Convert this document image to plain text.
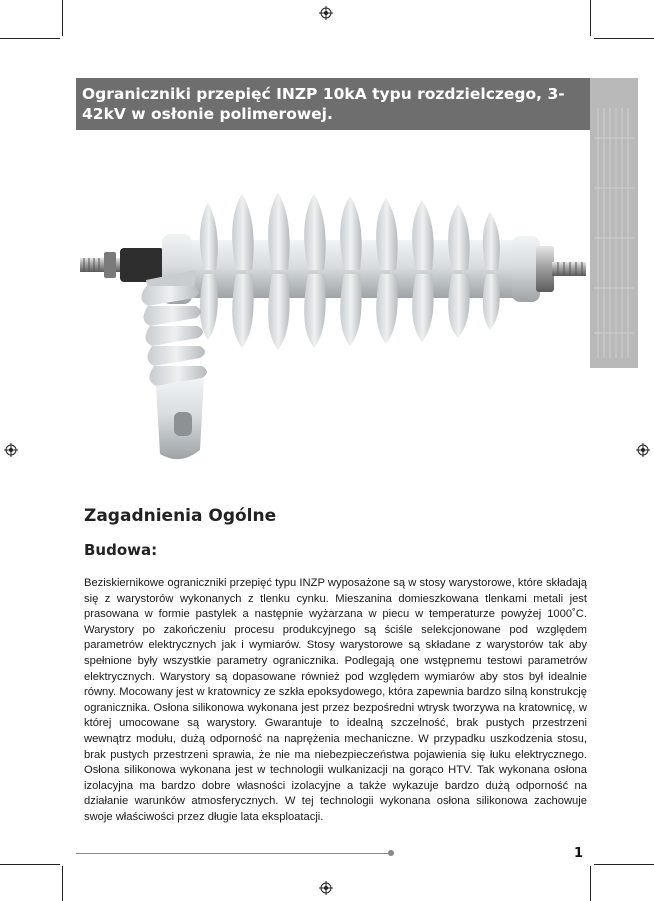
Ograniczniki przepięć INZP 10kA typu rozdzielczego, 3-42kV w osłonie polimerowej.
Zagadnienia Ogólne
Budowa:

Beziskiernikowe ograniczniki przepięć typu INZP wyposażone są w stosy warystorowe, które składają się z warystorów wykonanych z tlenku cynku. Mieszanina domieszkowana tlenkami metali jest prasowana w formie pastylek a następnie wyżarzana w piecu w temperaturze powyżej 1000˚C. Warystory po zakończeniu procesu produkcyjnego są ściśle selekcjonowane pod względem parametrów elektrycznych jak i wymiarów. Stosy warystorowe są składane z warystorów tak aby spełnione były wszystkie parametry ogranicznika. Podlegają one wstępnemu testowi parametrów elektrycznych. Warystory są dopasowane również pod względem wymiarów aby stos był idealnie równy. Mocowany jest w kratownicy ze szkła epoksydowego, która zapewnia bardzo silną konstrukcję ogranicznika. Osłona silikonowa wykonana jest przez bezpośredni wtrysk tworzywa na kratownicę, w której umocowane są warystory. Gwarantuje to idealną szczelność, brak pustych przestrzeni wewnątrz modułu, dużą odporność na naprężenia mechaniczne. W przypadku uszkodzenia stosu, brak pustych przestrzeni sprawia, że nie ma niebezpieczeństwa pojawienia się łuku elektrycznego. Osłona silikonowa wykonana jest w technologii wulkanizacji na gorąco HTV. Tak wykonana osłona izolacyjna ma bardzo dobre własności izolacyjne a także wykazuje bardzo dużą odporność na działanie warunków atmosferycznych. W tej technologii wykonana osłona silikonowa zachowuje swoje właściwości przez długie lata eksploatacji.

1
